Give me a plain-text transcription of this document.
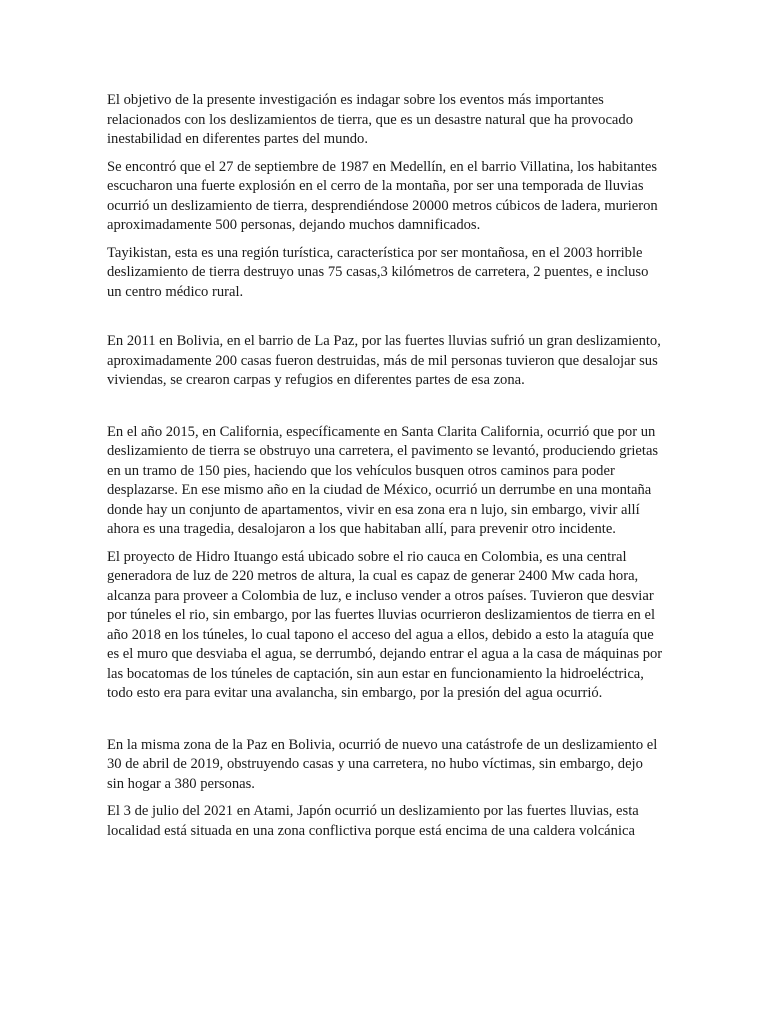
El objetivo de la presente investigación es indagar sobre los eventos más importantes relacionados con los deslizamientos de tierra, que es un desastre natural que ha provocado inestabilidad en diferentes partes del mundo.

Se encontró que el 27 de septiembre de 1987 en Medellín, en el barrio Villatina, los habitantes escucharon una fuerte explosión en el cerro de la montaña, por ser una temporada de lluvias ocurrió un deslizamiento de tierra, desprendiéndose 20000 metros cúbicos de ladera, murieron aproximadamente 500 personas, dejando muchos damnificados.

Tayikistan, esta es una región turística, característica por ser montañosa, en el 2003 horrible deslizamiento de tierra destruyo unas 75 casas,3 kilómetros de carretera, 2 puentes, e incluso un centro médico rural.

En 2011 en Bolivia, en el barrio de La Paz, por las fuertes lluvias sufrió un gran deslizamiento, aproximadamente 200 casas fueron destruidas, más de mil personas tuvieron que desalojar sus viviendas, se crearon carpas y refugios en diferentes partes de esa zona.

En el año 2015, en California, específicamente en Santa Clarita California, ocurrió que por un deslizamiento de tierra se obstruyo una carretera, el pavimento se levantó, produciendo grietas en un tramo de 150 pies, haciendo que los vehículos busquen otros caminos para poder desplazarse. En ese mismo año en la ciudad de México, ocurrió un derrumbe en una montaña donde hay un conjunto de apartamentos, vivir en esa zona era n lujo, sin embargo, vivir allí ahora es una tragedia, desalojaron a los que habitaban allí, para prevenir otro incidente.

El proyecto de Hidro Ituango está ubicado sobre el rio cauca en Colombia, es una central generadora de luz de 220 metros de altura, la cual es capaz de generar 2400 Mw cada hora, alcanza para proveer a Colombia de luz, e incluso vender a otros países. Tuvieron que desviar por túneles el rio, sin embargo, por las fuertes lluvias ocurrieron deslizamientos de tierra en el año 2018 en los túneles, lo cual tapono el acceso del agua a ellos, debido a esto la ataguía que es el muro que desviaba el agua, se derrumbó, dejando entrar el agua a la casa de máquinas por las bocatomas de los túneles de captación, sin aun estar en funcionamiento la hidroeléctrica, todo esto era para evitar una avalancha, sin embargo, por la presión del agua ocurrió.

En la misma zona de la Paz en Bolivia, ocurrió de nuevo una catástrofe de un deslizamiento el 30 de abril de 2019, obstruyendo casas y una carretera, no hubo víctimas, sin embargo, dejo sin hogar a 380 personas.

El 3 de julio del 2021 en Atami, Japón ocurrió un deslizamiento por las fuertes lluvias, esta localidad está situada en una zona conflictiva porque está encima de una caldera volcánica
